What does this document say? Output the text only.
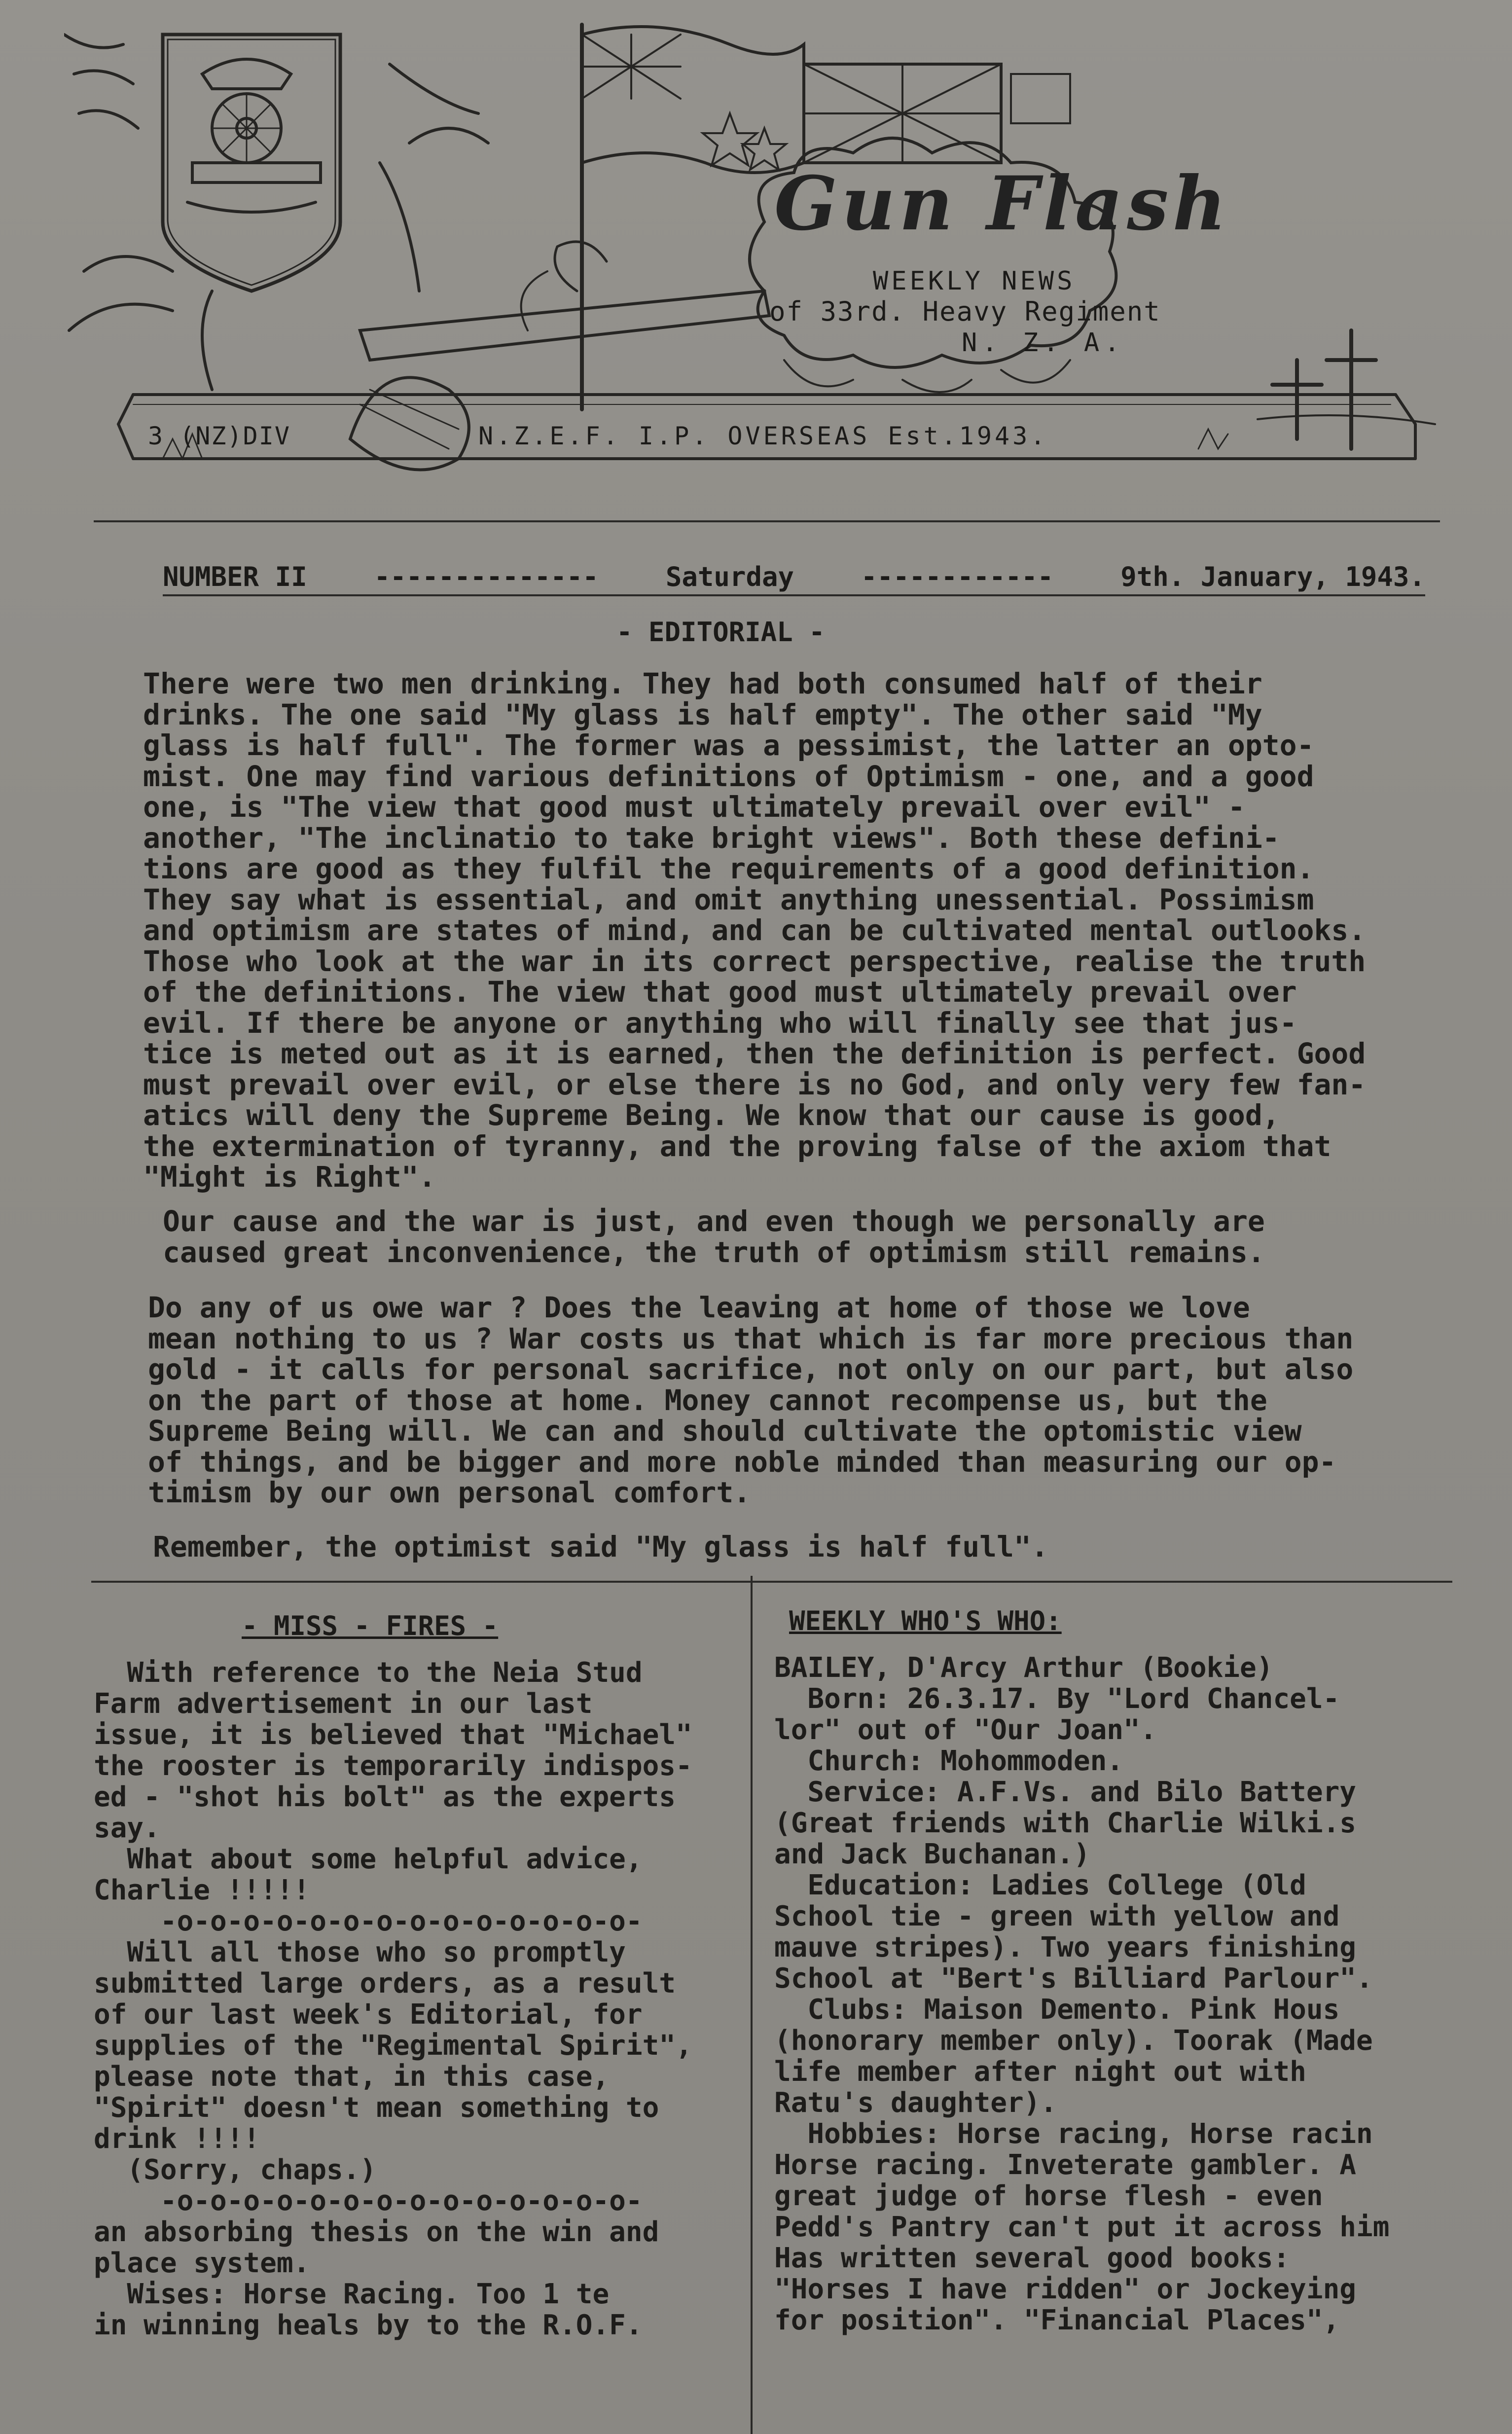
Gun Flash
WEEKLY NEWS
of 33rd. Heavy Regiment
N. Z. A.
3 (NZ)DIV	N.Z.E.F. I.P. OVERSEAS Est.1943.
NUMBER II	--------------	Saturday	------------	9th. January, 1943.
- EDITORIAL -
There were two men drinking. They had both consumed half of their
drinks. The one said "My glass is half empty". The other said "My
glass is half full". The former was a pessimist, the latter an opto-
mist. One may find various definitions of Optimism - one, and a good
one, is "The view that good must ultimately prevail over evil" -
another, "The inclinatio to take bright views". Both these defini-
tions are good as they fulfil the requirements of a good definition.
They say what is essential, and omit anything unessential. Possimism
and optimism are states of mind, and can be cultivated mental outlooks.
Those who look at the war in its correct perspective, realise the truth
of the definitions. The view that good must ultimately prevail over
evil. If there be anyone or anything who will finally see that jus-
tice is meted out as it is earned, then the definition is perfect. Good
must prevail over evil, or else there is no God, and only very few fan-
atics will deny the Supreme Being. We know that our cause is good,
the extermination of tyranny, and the proving false of the axiom that
"Might is Right".
Our cause and the war is just, and even though we personally are
caused great inconvenience, the truth of optimism still remains.
Do any of us owe war ? Does the leaving at home of those we love
mean nothing to us ? War costs us that which is far more precious than
gold - it calls for personal sacrifice, not only on our part, but also
on the part of those at home. Money cannot recompense us, but the
Supreme Being will. We can and should cultivate the optomistic view
of things, and be bigger and more noble minded than measuring our op-
timism by our own personal comfort.
Remember, the optimist said "My glass is half full".
- MISS - FIRES -
With reference to the Neia Stud
Farm advertisement in our last
issue, it is believed that "Michael"
the rooster is temporarily indispos-
ed - "shot his bolt" as the experts
say.
What about some helpful advice,
Charlie !!!!!
-o-o-o-o-o-o-o-o-o-o-o-o-o-o-
Will all those who so promptly
submitted large orders, as a result
of our last week's Editorial, for
supplies of the "Regimental Spirit",
please note that, in this case,
"Spirit" doesn't mean something to
drink !!!!
(Sorry, chaps.)
-o-o-o-o-o-o-o-o-o-o-o-o-o-o-
an absorbing thesis on the win and
place system.
Wises: Horse Racing. Too 1 te
in winning heals by to the R.O.F.
WEEKLY WHO'S WHO:
BAILEY, D'Arcy Arthur (Bookie)
Born: 26.3.17. By "Lord Chancel-
lor" out of "Our Joan".
Church: Mohommoden.
Service: A.F.Vs. and Bilo Battery
(Great friends with Charlie Wilki.s
and Jack Buchanan.)
Education: Ladies College (Old
School tie - green with yellow and
mauve stripes). Two years finishing
School at "Bert's Billiard Parlour".
Clubs: Maison Demento. Pink Hous
(honorary member only). Toorak (Made
life member after night out with
Ratu's daughter).
Hobbies: Horse racing, Horse racin
Horse racing. Inveterate gambler. A
great judge of horse flesh - even
Pedd's Pantry can't put it across him
Has written several good books:
"Horses I have ridden" or Jockeying
for position". "Financial Places",
